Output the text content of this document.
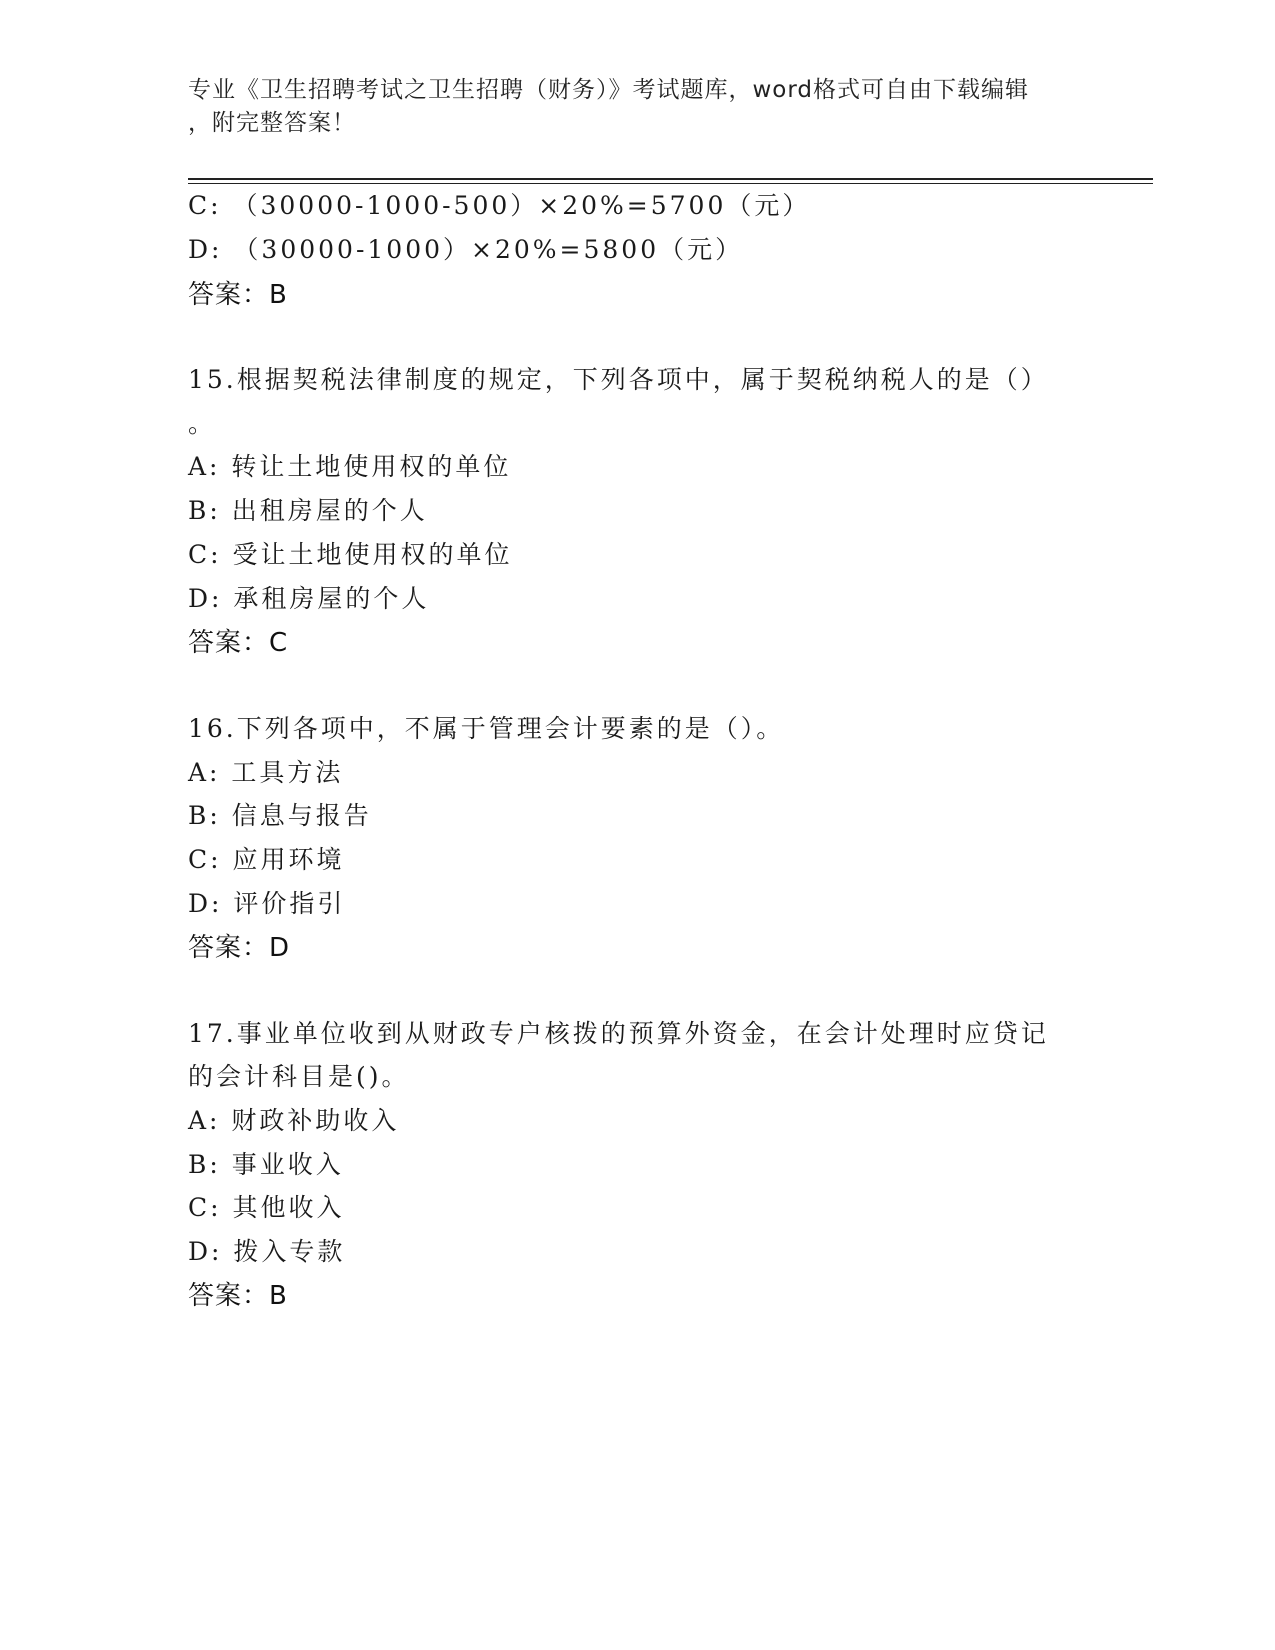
专业《卫生招聘考试之卫生招聘（财务）》考试题库，word格式可自由下载编辑
，附完整答案！
C: （30000-1000-500）×20%=5700（元）
D: （30000-1000）×20%=5800（元）
答案：B
15.根据契税法律制度的规定，下列各项中，属于契税纳税人的是（）
。
A: 转让土地使用权的单位
B: 出租房屋的个人
C: 受让土地使用权的单位
D: 承租房屋的个人
答案：C
16.下列各项中，不属于管理会计要素的是（）。
A: 工具方法
B: 信息与报告
C: 应用环境
D: 评价指引
答案：D
17.事业单位收到从财政专户核拨的预算外资金，在会计处理时应贷记
的会计科目是()。
A: 财政补助收入
B: 事业收入
C: 其他收入
D: 拨入专款
答案：B
